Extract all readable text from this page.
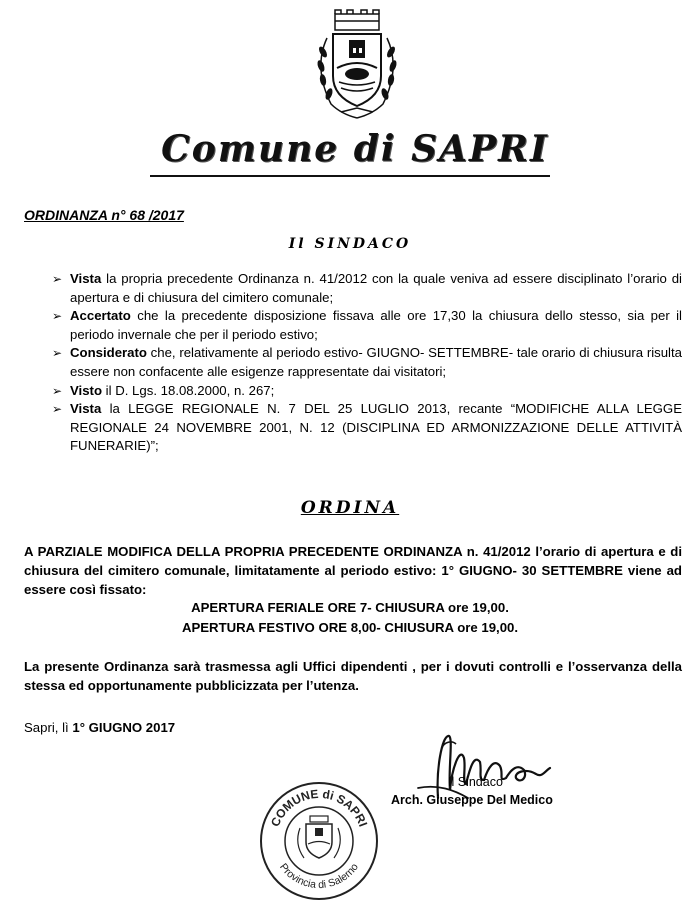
Comune di SAPRI
ORDINANZA n° 68 /2017
Il SINDACO
➢ Vista la propria precedente Ordinanza n. 41/2012 con la quale veniva ad essere disciplinato l’orario di apertura e di chiusura del cimitero comunale;
➢ Accertato che la precedente disposizione fissava alle ore 17,30 la chiusura dello stesso, sia per il periodo invernale che per il periodo estivo;
➢ Considerato che, relativamente al periodo estivo- GIUGNO- SETTEMBRE- tale orario di chiusura risulta essere non confacente alle esigenze rappresentate dai visitatori;
➢ Visto il D. Lgs. 18.08.2000, n. 267;
➢ Vista la LEGGE REGIONALE N. 7 DEL 25 LUGLIO 2013, recante “MODIFICHE ALLA LEGGE REGIONALE 24 NOVEMBRE 2001, N. 12 (DISCIPLINA ED ARMONIZZAZIONE DELLE ATTIVITÀ FUNERARIE)”;
ORDINA
A PARZIALE MODIFICA DELLA PROPRIA PRECEDENTE ORDINANZA n. 41/2012 l’orario di apertura e di chiusura del cimitero comunale, limitatamente al periodo estivo: 1° GIUGNO- 30 SETTEMBRE viene ad essere così fissato:
APERTURA FERIALE ORE 7- CHIUSURA ore 19,00.
APERTURA FESTIVO ORE 8,00- CHIUSURA ore 19,00.
La presente Ordinanza sarà trasmessa agli Uffici dipendenti , per i dovuti controlli e l’osservanza della stessa ed opportunamente pubblicizzata per l’utenza.
Sapri, lì 1° GIUGNO 2017
COMUNE di SAPRI
Provincia di Salerno
Il Sindaco
Arch. Giuseppe Del Medico
